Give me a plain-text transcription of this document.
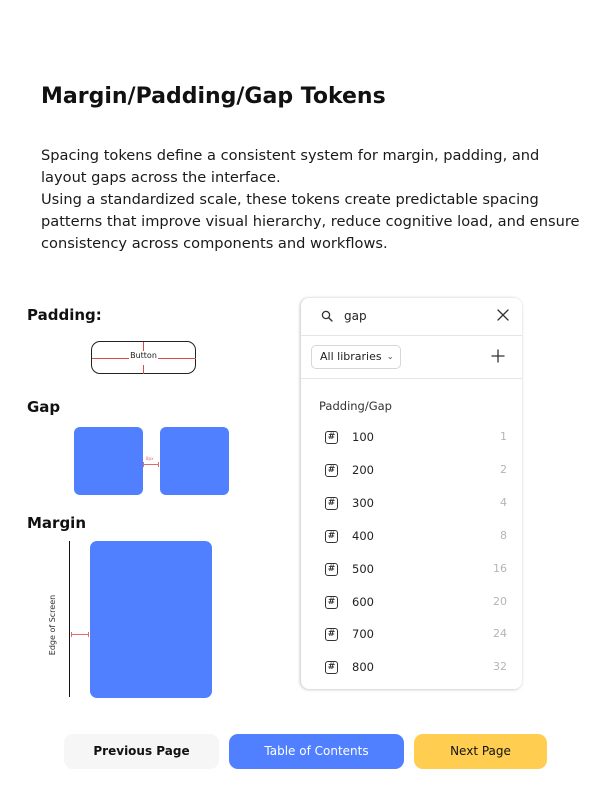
Margin/Padding/Gap Tokens

Spacing tokens define a consistent system for margin, padding, and layout gaps across the interface.

Using a standardized scale, these tokens create predictable spacing patterns that improve visual hierarchy, reduce cognitive load, and ensure consistency across components and workflows.

Padding:
Button
Gap
8px
Margin
Edge of Screen
gap
All libraries ⌄
Padding/Gap
# 100	1
# 200	2
# 300	4
# 400	8
# 500	16
# 600	20
# 700	24
# 800	32
Previous Page	Table of Contents	Next Page
